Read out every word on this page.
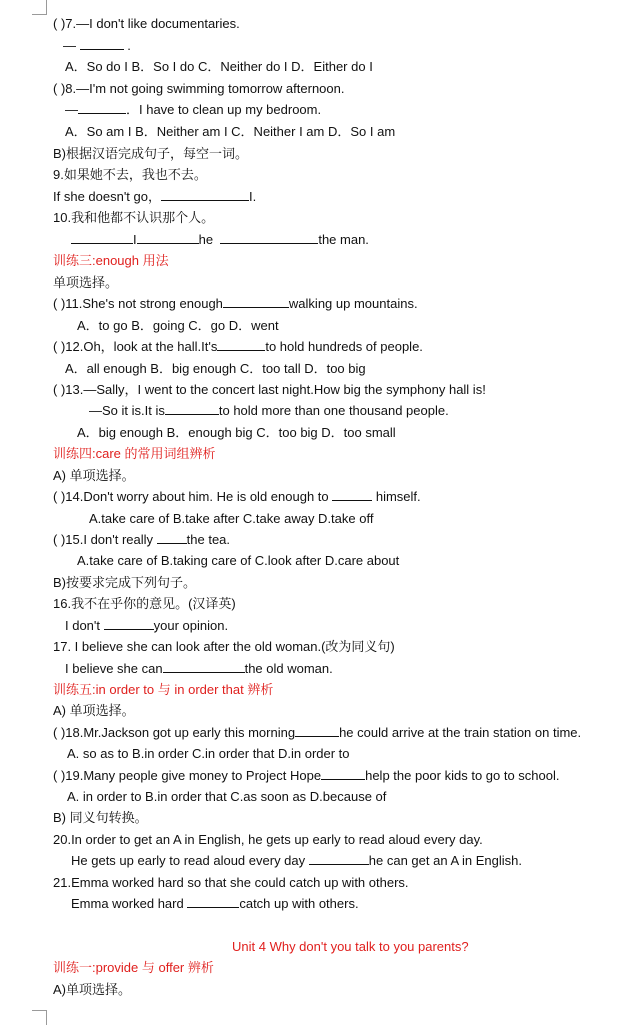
( )7.—I don't like documentaries.
—	.
A．So do I B．So I do C．Neither do I D．Either do I
( )8.—I'm not going swimming tomorrow afternoon.
—	．I have to clean up my bedroom.
A．So am I B．Neither am I C．Neither I am D．So I am
B)根据汉语完成句子，每空一词。
9.如果她不去，我也不去。
If she doesn't go，	I.
10.我和他都不认识那个人。
I	he	the man.
训练三:enough 用法
单项选择。
( )11.She's not strong enough	walking up mountains.
A．to go B．going C．go D．went
( )12.Oh，look at the hall.It's	to hold hundreds of people.
A．all enough B．big enough C．too tall D．too big
( )13.—Sally，I went to the concert last night.How big the symphony hall is!
—So it is.It is	to hold more than one thousand people.
A．big enough B．enough big C．too big D．too small
训练四:care 的常用词组辨析
A) 单项选择。
( )14.Don't worry about him. He is old enough to	himself.
A.take care of B.take after C.take away D.take off
( )15.I don't really	the tea.
A.take care of B.taking care of C.look after D.care about
B)按要求完成下列句子。
16.我不在乎你的意见。(汉译英)
I don't	your opinion.
17. I believe she can look after the old woman.(改为同义句)
I believe she can	the old woman.
训练五:in order to 与 in order that 辨析
A) 单项选择。
( )18.Mr.Jackson got up early this morning	he could arrive at the train station on time.
A. so as to B.in order C.in order that D.in order to
( )19.Many people give money to Project Hope	help the poor kids to go to school.
A. in order to B.in order that C.as soon as D.because of
B) 同义句转换。
20.In order to get an A in English, he gets up early to read aloud every day.
He gets up early to read aloud every day	he can get an A in English.
21.Emma worked hard so that she could catch up with others.
Emma worked hard	catch up with others.
Unit 4 Why don't you talk to you parents?
训练一:provide 与 offer 辨析
A)单项选择。
